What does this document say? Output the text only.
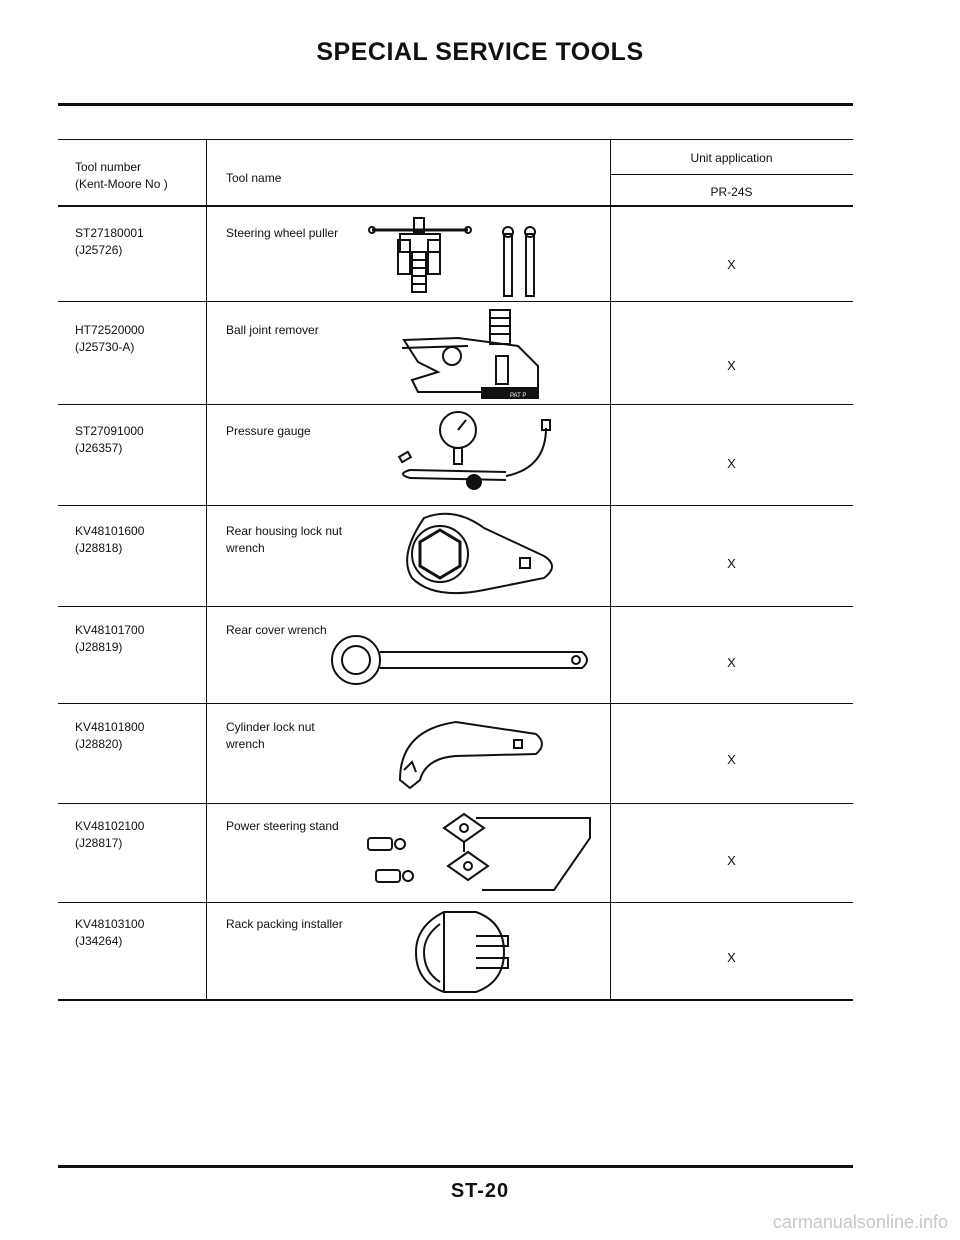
SPECIAL SERVICE TOOLS
Tool number
(Kent-Moore No )	Tool name
Unit application
PR-24S
ST27180001
(J25726)
Steering wheel puller
X
HT72520000
(J25730-A)
Ball joint remover
X
PAT P
ST27091000
(J26357)
Pressure gauge
X
KV48101600
(J28818)
Rear housing lock nut
wrench
X
KV48101700
(J28819)
Rear cover wrench
X
KV48101800
(J28820)
Cylinder lock nut
wrench
X
KV48102100
(J28817)
Power steering stand
X
KV48103100
(J34264)
Rack packing installer
X
ST-20
carmanualsonline.info
